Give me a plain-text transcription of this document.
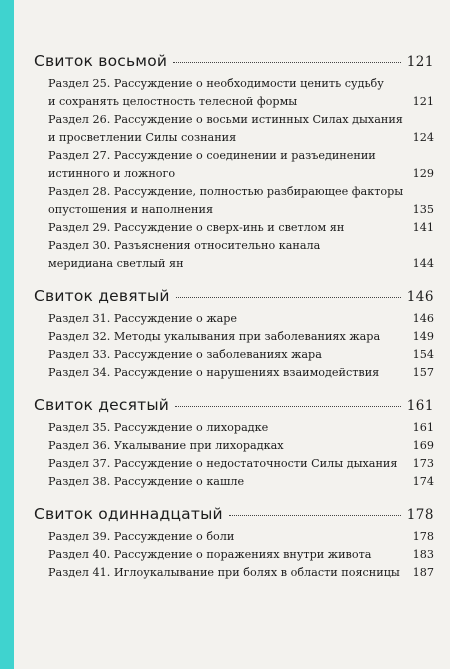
Свиток восьмой	121
Раздел 25. Рассуждение о необходимости ценить судьбу
и сохранять целостность телесной формы	121
Раздел 26. Рассуждение о восьми истинных Силах дыхания
и просветлении Силы сознания	124
Раздел 27. Рассуждение о соединении и разъединении
истинного и ложного	129
Раздел 28. Рассуждение, полностью разбирающее факторы
опустошения и наполнения	135
Раздел 29. Рассуждение о сверх-инь и светлом ян	141
Раздел 30. Разъяснения относительно канала
меридиана светлый ян	144
Свиток девятый	146
Раздел 31. Рассуждение о жаре	146
Раздел 32. Методы укалывания при заболеваниях жара	149
Раздел 33. Рассуждение о заболеваниях жара	154
Раздел 34. Рассуждение о нарушениях взаимодействия	157
Свиток десятый	161
Раздел 35. Рассуждение о лихорадке	161
Раздел 36. Укалывание при лихорадках	169
Раздел 37. Рассуждение о недостаточности Силы дыхания	173
Раздел 38. Рассуждение о кашле	174
Свиток одиннадцатый	178
Раздел 39. Рассуждение о боли	178
Раздел 40. Рассуждение о поражениях внутри живота	183
Раздел 41. Иглоукалывание при болях в области поясницы	187
